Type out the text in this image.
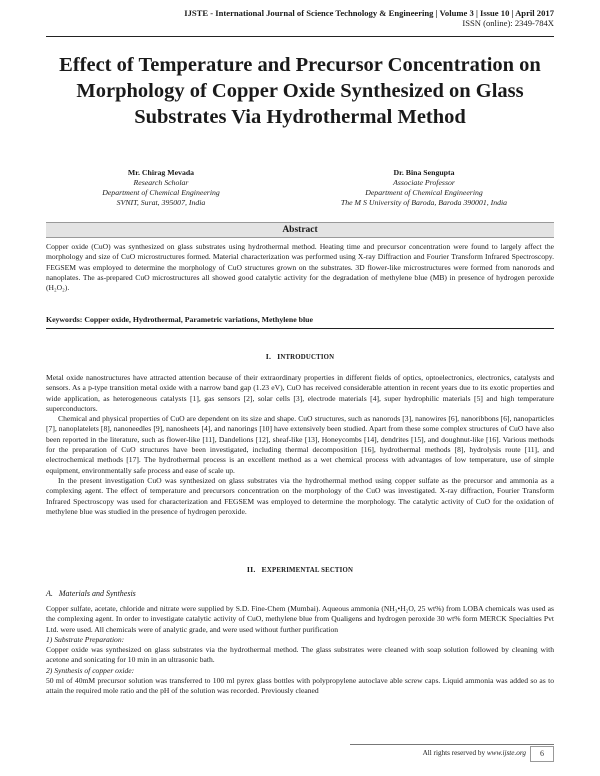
IJSTE - International Journal of Science Technology & Engineering | Volume 3 | Issue 10 | April 2017
ISSN (online): 2349-784X
Effect of Temperature and Precursor Concentration on Morphology of Copper Oxide Synthesized on Glass Substrates Via Hydrothermal Method
Mr. Chirag Mevada
Research Scholar
Department of Chemical Engineering
SVNIT, Surat, 395007, India
Dr. Bina Sengupta
Associate Professor
Department of Chemical Engineering
The M S University of Baroda, Baroda 390001, India
Abstract
Copper oxide (CuO) was synthesized on glass substrates using hydrothermal method. Heating time and precursor concentration were found to largely affect the morphology and size of CuO microstructures formed. Material characterization was performed using X-ray Diffraction and Fourier Transform Infrared Spectroscopy. FEGSEM was employed to determine the morphology of CuO structures grown on the substrates. 3D flower-like microstructures were formed from nanorods and nanoplates. The as-prepared CuO microstructures all showed good catalytic activity for the degradation of methylene blue (MB) in presence of hydrogen peroxide (H₂O₂).
Keywords: Copper oxide, Hydrothermal, Parametric variations, Methylene blue
I. INTRODUCTION

Metal oxide nanostructures have attracted attention because of their extraordinary properties in different fields of optics, optoelectronics, electronics, catalysts and sensors. As a p-type transition metal oxide with a narrow band gap (1.23 eV), CuO has received considerable attention in recent years due to its exotic properties and wide application, as heterogeneous catalysts [1], gas sensors [2], solar cells [3], electrode materials [4], super hydrophilic materials [5] and high temperature superconductors.

Chemical and physical properties of CuO are dependent on its size and shape. CuO structures, such as nanorods [3], nanowires [6], nanoribbons [6], nanoparticles [7], nanoplatelets [8], nanoneedles [9], nanosheets [4], and nanorings [10] have extensively been studied. Apart from these some complex structures of CuO have also been reported in the literature, such as flower-like [11], Dandelions [12], sheaf-like [13], Honeycombs [14], dendrites [15], and doughnut-like [16]. Various methods for the preparation of CuO structures have been investigated, including thermal decomposition [16], hydrothermal methods [8], hydrolysis route [11], and electrochemical methods [17]. The hydrothermal process is an excellent method as a wet chemical process with advantages of low temperature, use of simple equipment, environmentally safe process and ease of scale up.

In the present investigation CuO was synthesized on glass substrates via the hydrothermal method using copper sulfate as the precursor and ammonia as a complexing agent. The effect of temperature and precursors concentration on the morphology of the CuO was investigated. X-ray diffraction, Fourier Transform Infrared Spectroscopy was used for characterization and FEGSEM was employed to determine the morphology. The catalytic activity of CuO for the oxidation of methylene blue was studied in the presence of hydrogen peroxide.

II. EXPERIMENTAL SECTION
A. Materials and Synthesis

Copper sulfate, acetate, chloride and nitrate were supplied by S.D. Fine-Chem (Mumbai). Aqueous ammonia (NH₃•H₂O, 25 wt%) from LOBA chemicals was used as the complexing agent. In order to investigate catalytic activity of CuO, methylene blue from Qualigens and hydrogen peroxide 30 wt% form MERCK Specialties Pvt Ltd. were used. All chemicals were of analytic grade, and were used without further purification

1) Substrate Preparation:

Copper oxide was synthesized on glass substrates via the hydrothermal method. The glass substrates were cleaned with soap solution followed by cleaning with acetone and sonicating for 10 min in an ultrasonic bath.

2) Synthesis of copper oxide:

50 ml of 40mM precursor solution was transferred to 100 ml pyrex glass bottles with polypropylene autoclave able screw caps. Liquid ammonia was added so as to attain the required mole ratio and the pH of the solution was recorded. Previously cleaned

All rights reserved by www.ijste.org	6
